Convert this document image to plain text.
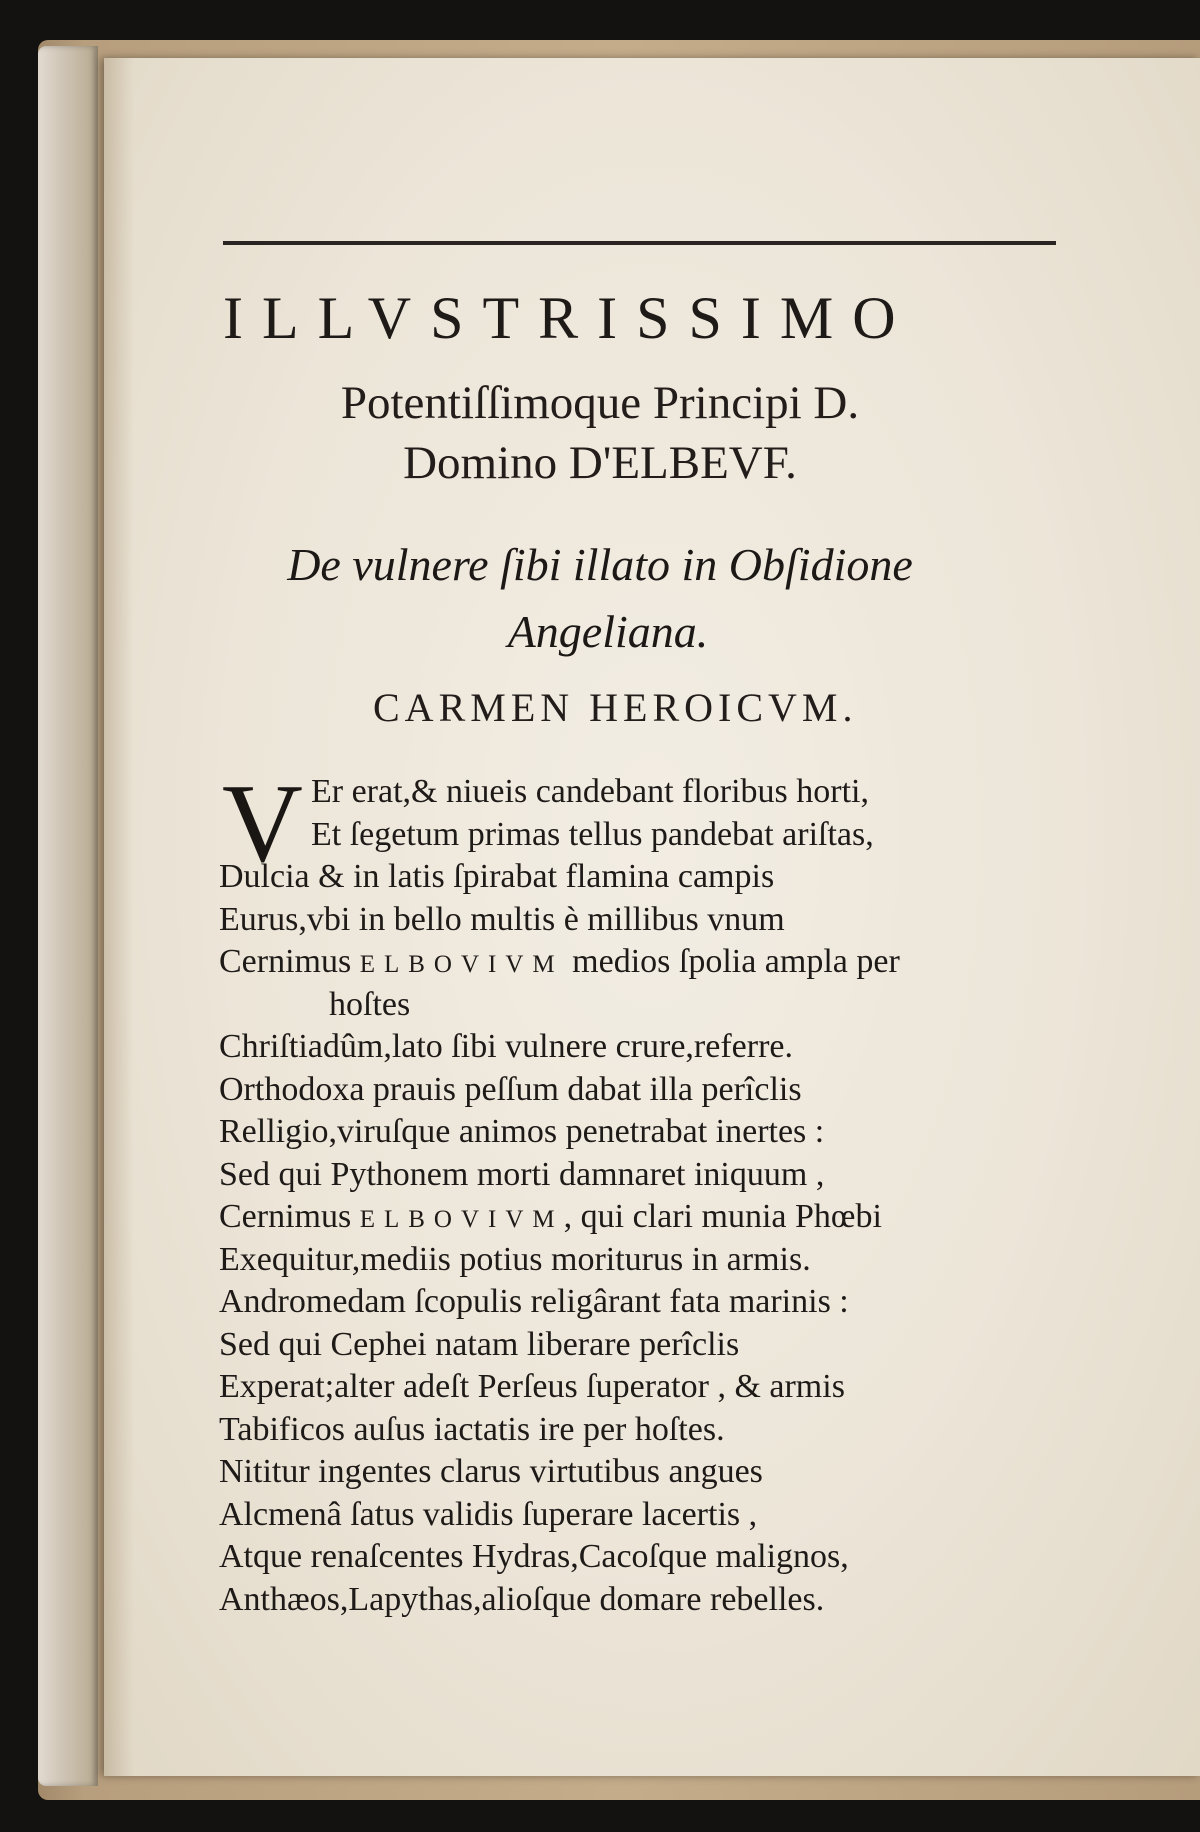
ILLVSTRISSIMO
Potentiſſimoque Principi D.
Domino D'ELBEVF.
De vulnere ſibi illato in Obſidione
Angeliana.
CARMEN HEROICVM.
V Er erat,& niueis candebant floribus horti,
Et ſegetum primas tellus pandebat ariſtas,
Dulcia & in latis ſpirabat flamina campis
Eurus,vbi in bello multis è millibus vnum
Cernimus ELBOVIVM medios ſpolia ampla per
hoſtes
Chriſtiadûm,lato ſibi vulnere crure,referre.
Orthodoxa prauis peſſum dabat illa perîclis
Relligio,viruſque animos penetrabat inertes :
Sed qui Pythonem morti damnaret iniquum ,
Cernimus ELBOVIVM, qui clari munia Phœbi
Exequitur,mediis potius moriturus in armis.
Andromedam ſcopulis religârant fata marinis :
Sed qui Cephei natam liberare perîclis
Experat;alter adeſt Perſeus ſuperator , & armis
Tabificos auſus iactatis ire per hoſtes.
Nititur ingentes clarus virtutibus angues
Alcmenâ ſatus validis ſuperare lacertis ,
Atque renaſcentes Hydras,Cacoſque malignos,
Anthæos,Lapythas,alioſque domare rebelles.
